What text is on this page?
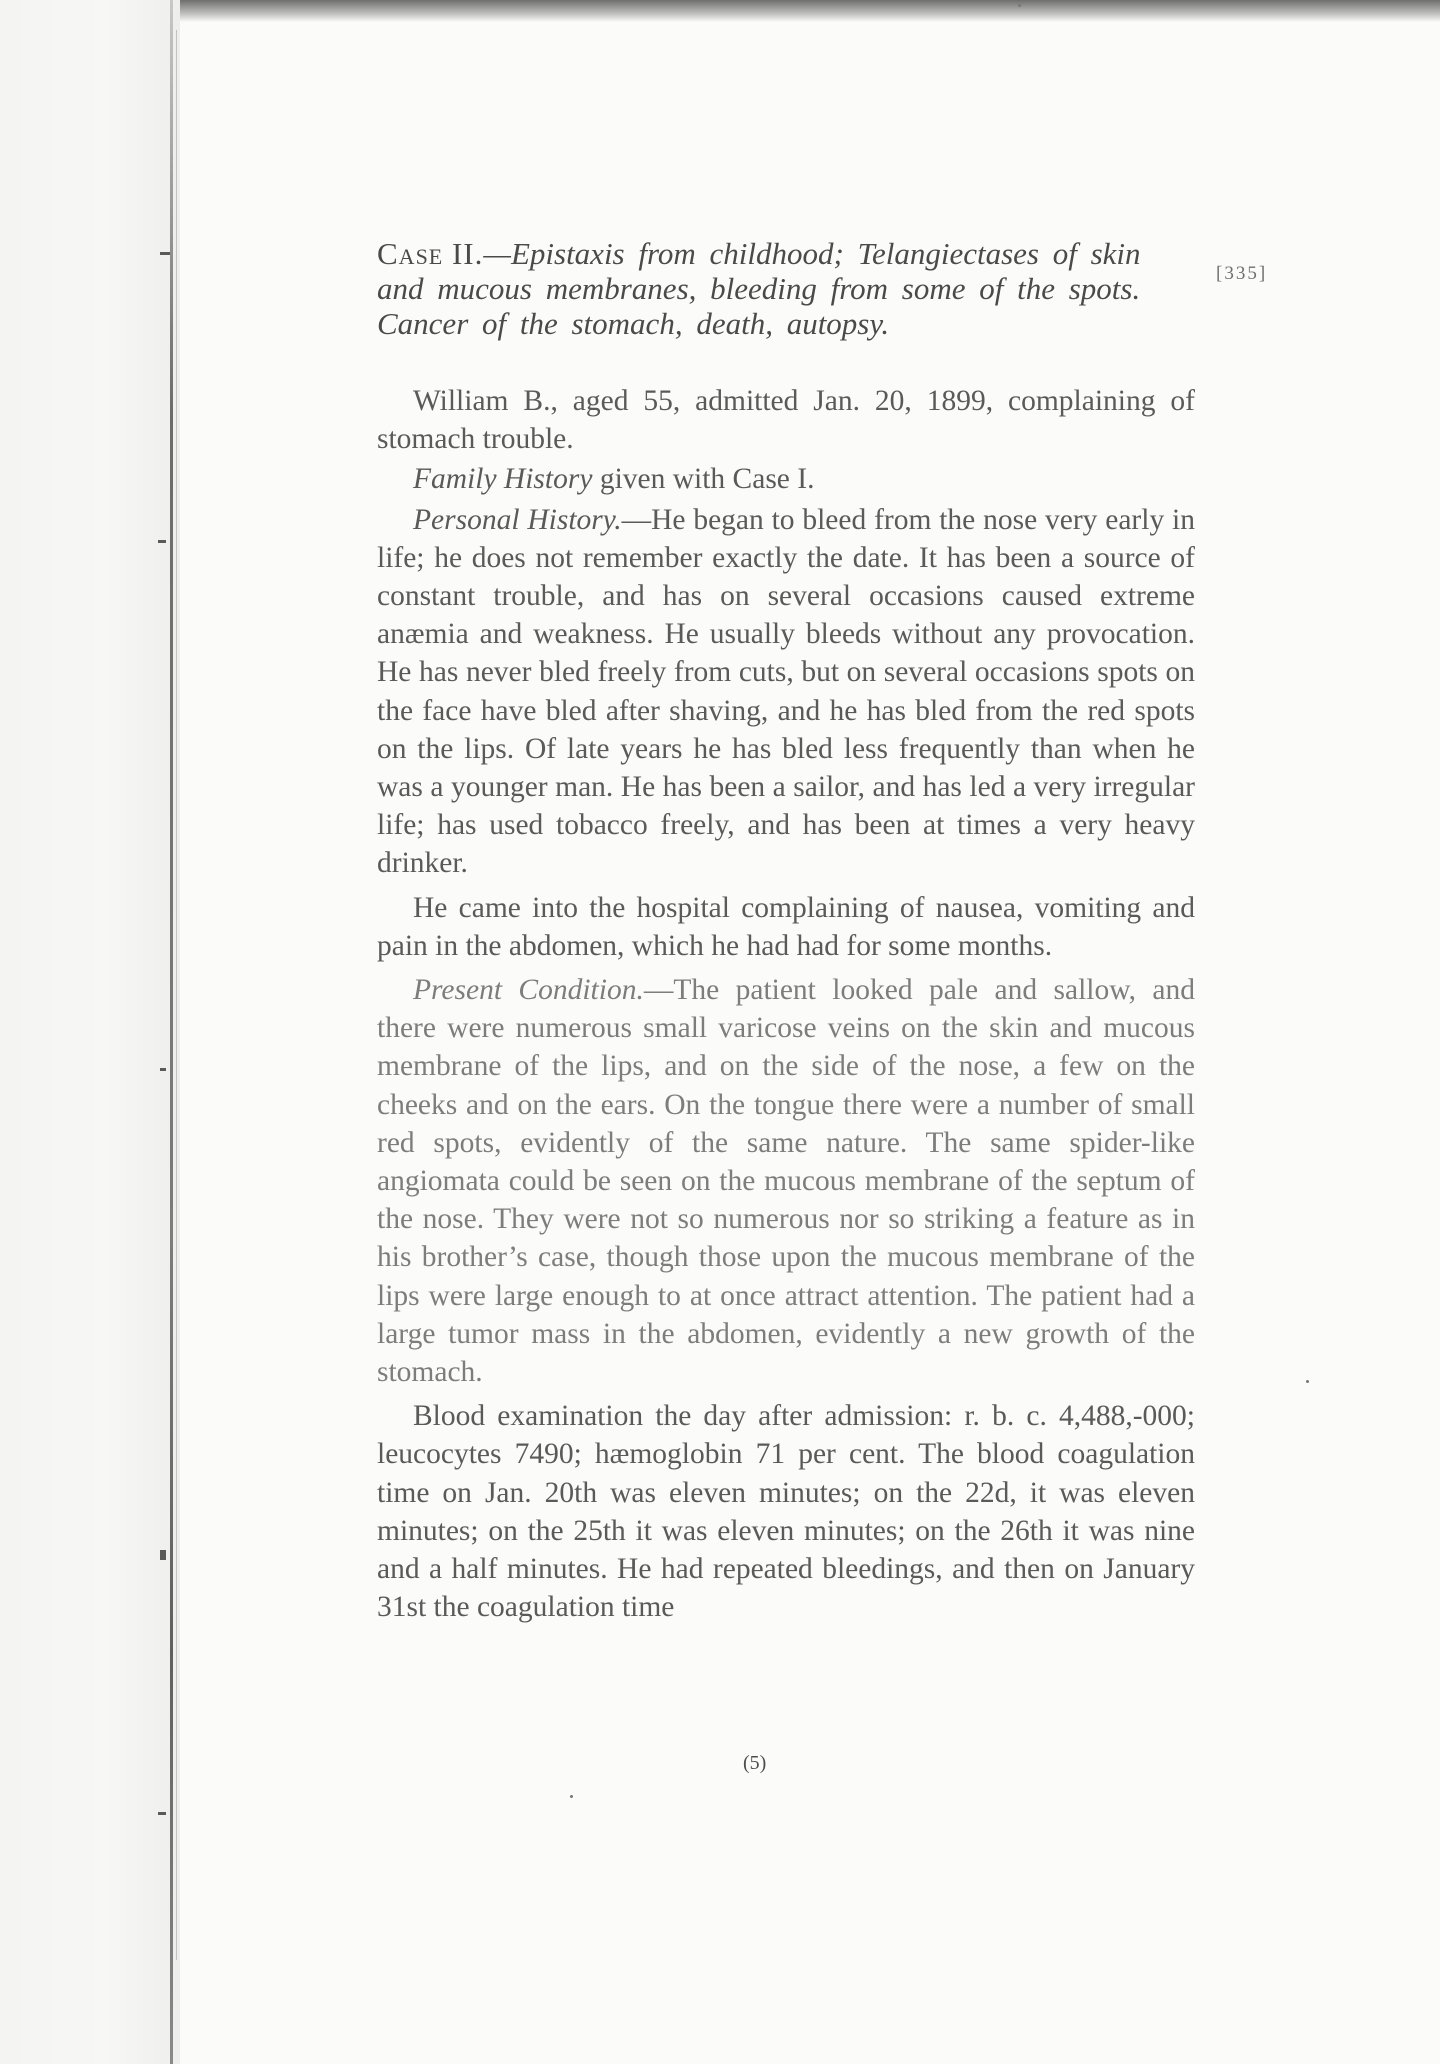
[335]
Case II.—Epistaxis from childhood; Telangiectases of skin and mucous membranes, bleeding from some of the spots. Cancer of the stomach, death, autopsy.

William B., aged 55, admitted Jan. 20, 1899, complaining of stomach trouble.

Family History given with Case I.

Personal History.—He began to bleed from the nose very early in life; he does not remember exactly the date. It has been a source of constant trouble, and has on several occasions caused extreme anæmia and weakness. He usually bleeds without any provocation. He has never bled freely from cuts, but on several occasions spots on the face have bled after shaving, and he has bled from the red spots on the lips. Of late years he has bled less frequently than when he was a younger man. He has been a sailor, and has led a very irregular life; has used tobacco freely, and has been at times a very heavy drinker.

He came into the hospital complaining of nausea, vomiting and pain in the abdomen, which he had had for some months.

Present Condition.—The patient looked pale and sallow, and there were numerous small varicose veins on the skin and mucous membrane of the lips, and on the side of the nose, a few on the cheeks and on the ears. On the tongue there were a number of small red spots, evidently of the same nature. The same spider-like angiomata could be seen on the mucous membrane of the septum of the nose. They were not so numerous nor so striking a feature as in his brother’s case, though those upon the mucous membrane of the lips were large enough to at once attract attention. The patient had a large tumor mass in the abdomen, evidently a new growth of the stomach.

Blood examination the day after admission: r. b. c. 4,488,-000; leucocytes 7490; hæmoglobin 71 per cent. The blood coagulation time on Jan. 20th was eleven minutes; on the 22d, it was eleven minutes; on the 25th it was eleven minutes; on the 26th it was nine and a half minutes. He had repeated bleedings, and then on January 31st the coagulation time

(5)
